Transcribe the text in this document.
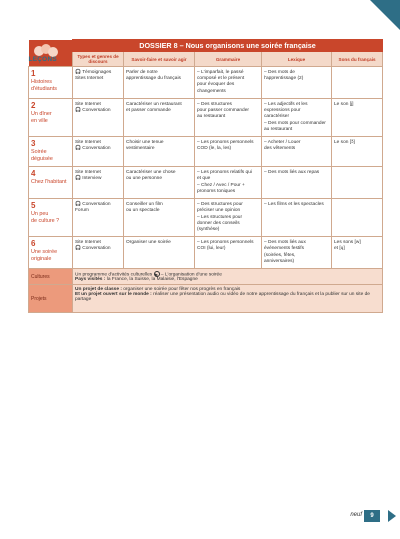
LEÇONS	DOSSIER 8 – Nous organisons une soirée française				
	Types et genres de discours	Savoir-faire et savoir agir	Grammaire	Lexique	Sons du français

1
Histoires
d'étudiants	🎧 Témoignages
Sites Internet	Parler de notre
apprentissage du français	– L'imparfait, le passé
composé et le présent
pour évoquer des
changements	– Des mots de
l'apprentissage (2)	

2
Un dîner
en ville	Site Internet
🎧 Conversation	Caractériser un restaurant
et passer commande	– Des structures
pour passer commander
au restaurant	– Les adjectifs et les
expressions pour
caractériser
– Des mots pour commander
au restaurant	Le son [j]

3
Soirée
déguisée	Site Internet
🎧 Conversation	Choisir une tenue
vestimentaire	– Les pronoms personnels
COD (le, la, les)	– Acheter / Louer
des vêtements	Le son [ɔ̃]

4
Chez l'habitant	Site Internet
🎧 Interview	Caractériser une chose
ou une personne	– Les pronoms relatifs qui
et que
– Chez / Avec / Pour +
pronoms toniques	– Des mots liés aux repas	

5
Un peu
de culture ?	🎧 Conversation
Forum	Conseiller un film
ou un spectacle	– Des structures pour
préciser une opinion
– Les structures pour
donner des conseils
(synthèse)	– Les films et les spectacles	

6
Une soirée
originale	Site Internet
🎧 Conversation	Organiser une soirée	– Les pronoms personnels
COI (lui, leur)	– Des mots liés aux
événements festifs
(soirées, fêtes,
anniversaires)	Les sons [w]
et [ɥ]

Cultures	Un programme d'activités culturelles ▶ – L'organisation d'une soirée
Pays visités : la France, la Suisse, la Malaisie, l'Espagne				

Projets	Un projet de classe : organiser une soirée pour fêter nos progrès en français
Et un projet ouvert sur le monde : réaliser une présentation audio ou vidéo de notre apprentissage du français et la publier sur un site de partage				
neuf	9
